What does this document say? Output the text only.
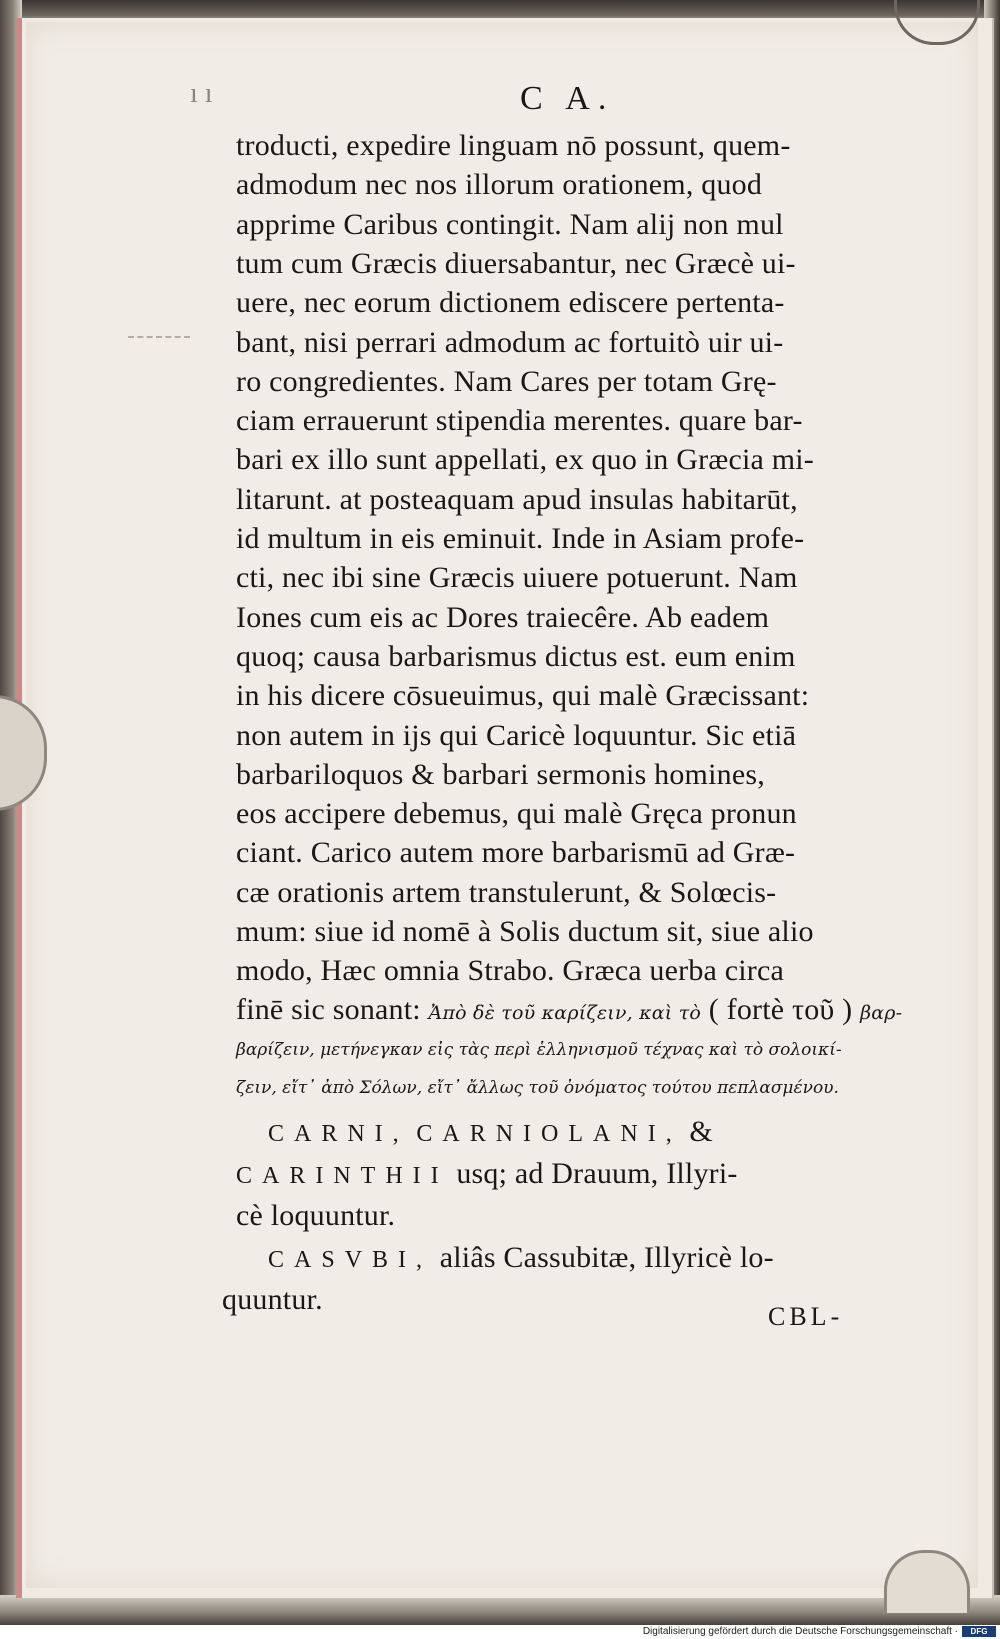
ı ı	C A.
troducti, expedire linguam nō possunt, quem-
admodum nec nos illorum orationem, quod
apprime Caribus contingit. Nam alij non mul
tum cum Græcis diuersabantur, nec Græcè ui-
uere, nec eorum dictionem ediscere pertenta-
bant, nisi perrari admodum ac fortuitò uir ui-
ro congredientes. Nam Cares per totam Grę-
ciam errauerunt stipendia merentes. quare bar-
bari ex illo sunt appellati, ex quo in Græcia mi-
litarunt. at posteaquam apud insulas habitarūt,
id multum in eis eminuit. Inde in Asiam profe-
cti, nec ibi sine Græcis uiuere potuerunt. Nam
Iones cum eis ac Dores traiecêre. Ab eadem
quoq; causa barbarismus dictus est. eum enim
in his dicere cōsueuimus, qui malè Græcissant:
non autem in ijs qui Caricè loquuntur. Sic etiā
barbariloquos & barbari sermonis homines,
eos accipere debemus, qui malè Gręca pronun
ciant. Carico autem more barbarismū ad Græ-
cæ orationis artem transtulerunt, & Solœcis-
mum: siue id nomē à Solis ductum sit, siue alio
modo, Hæc omnia Strabo. Græca uerba circa
finē sic sonant: Ἀπὸ δὲ τοῦ καρίζειν, καὶ τὸ ( fortè τοῦ ) βαρ-
βαρίζειν, μετήνεγκαν εἰς τὰς περὶ ἑλληνισμοῦ τέχνας καὶ τὸ σολοικί-
ζειν, εἴτ᾿ ἀπὸ Σόλων, εἴτ᾿ ἄλλως τοῦ ὀνόματος τούτου πεπλασμένου.
CARNI, CARNIOLANI, &
CARINTHII usq; ad Drauum, Illyri-
cè loquuntur.
CASVBI, aliâs Cassubitæ, Illyricè lo-
quuntur.
CBL-
Digitalisierung gefördert durch die Deutsche Forschungsgemeinschaft ·	DFG
